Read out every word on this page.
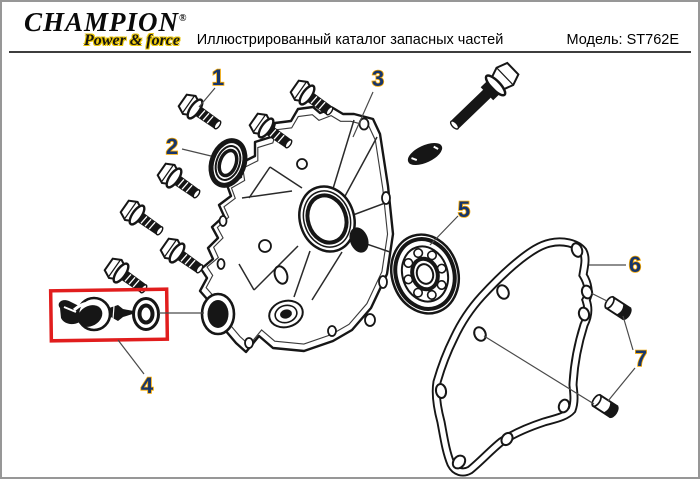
CHAMPION®
Power & force	Иллюстрированный каталог запасных частей	Модель: ST762E
1
2
3
4
5
6
7
